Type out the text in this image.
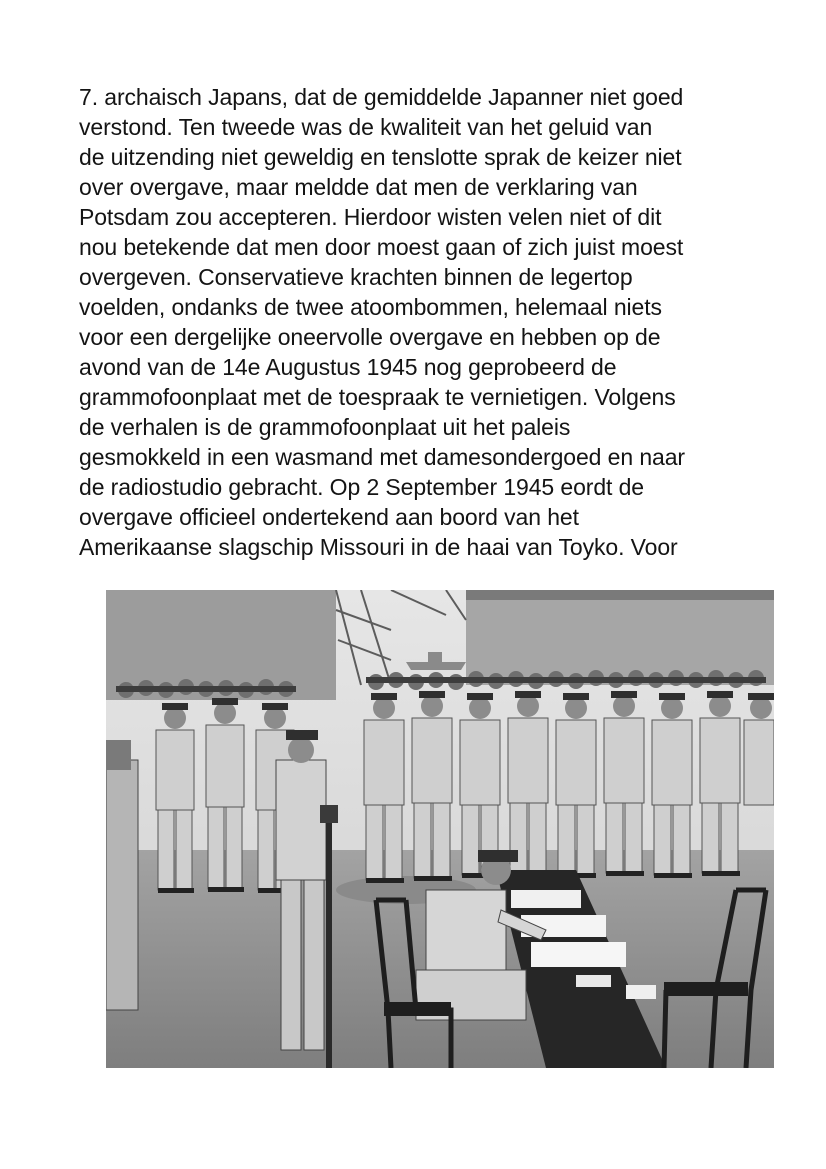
7. archaisch Japans, dat de gemiddelde Japanner niet goed
verstond. Ten tweede was de kwaliteit van het geluid van
de uitzending niet geweldig en tenslotte sprak de keizer niet
over overgave, maar meldde dat men de verklaring van
Potsdam zou accepteren. Hierdoor wisten velen niet of dit
nou betekende dat men door moest gaan of zich juist moest
overgeven. Conservatieve krachten binnen de legertop
voelden, ondanks de twee atoombommen, helemaal niets
voor een dergelijke oneervolle overgave en hebben op de
avond van de 14e Augustus 1945 nog geprobeerd de
grammofoonplaat met de toespraak te vernietigen. Volgens
de verhalen is de grammofoonplaat uit het paleis
gesmokkeld in een wasmand met damesondergoed en naar
de radiostudio gebracht. Op 2 September 1945 eordt de
overgave officieel ondertekend aan boord van het
Amerikaanse slagschip Missouri in de haai van Toyko. Voor
